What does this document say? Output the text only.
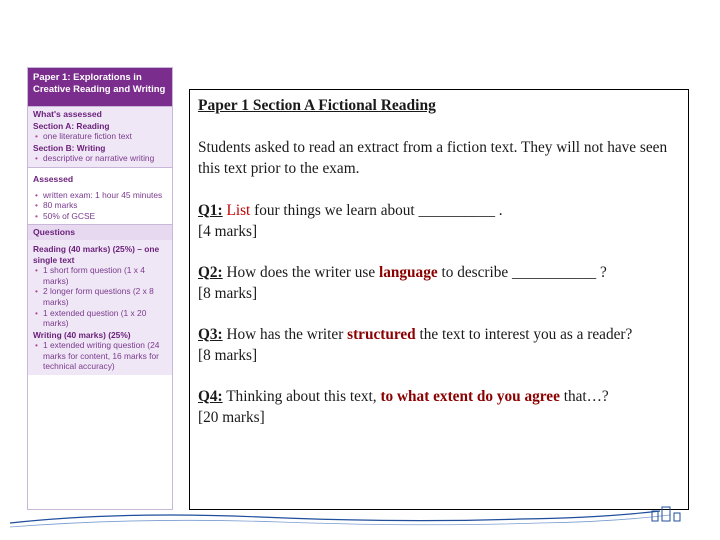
Paper 1: Explorations in Creative Reading and Writing
What's assessed
Section A: Reading
• one literature fiction text
Section B: Writing
• descriptive or narrative writing
Assessed
• written exam: 1 hour 45 minutes
• 80 marks
• 50% of GCSE
Questions
Reading (40 marks) (25%) – one single text
• 1 short form question (1 x 4 marks)
• 2 longer form questions (2 x 8 marks)
• 1 extended question (1 x 20 marks)
Writing (40 marks) (25%)
• 1 extended writing question (24 marks for content, 16 marks for technical accuracy)

Paper 1 Section A Fictional Reading

Students asked to read an extract from a fiction text. They will not have seen this text prior to the exam.

Q1: List four things we learn about __________ .

[4 marks]

Q2: How does the writer use language to describe ___________ ?

[8 marks]

Q3: How has the writer structured the text to interest you as a reader?

[8 marks]

Q4: Thinking about this text, to what extent do you agree that…?

[20 marks]
